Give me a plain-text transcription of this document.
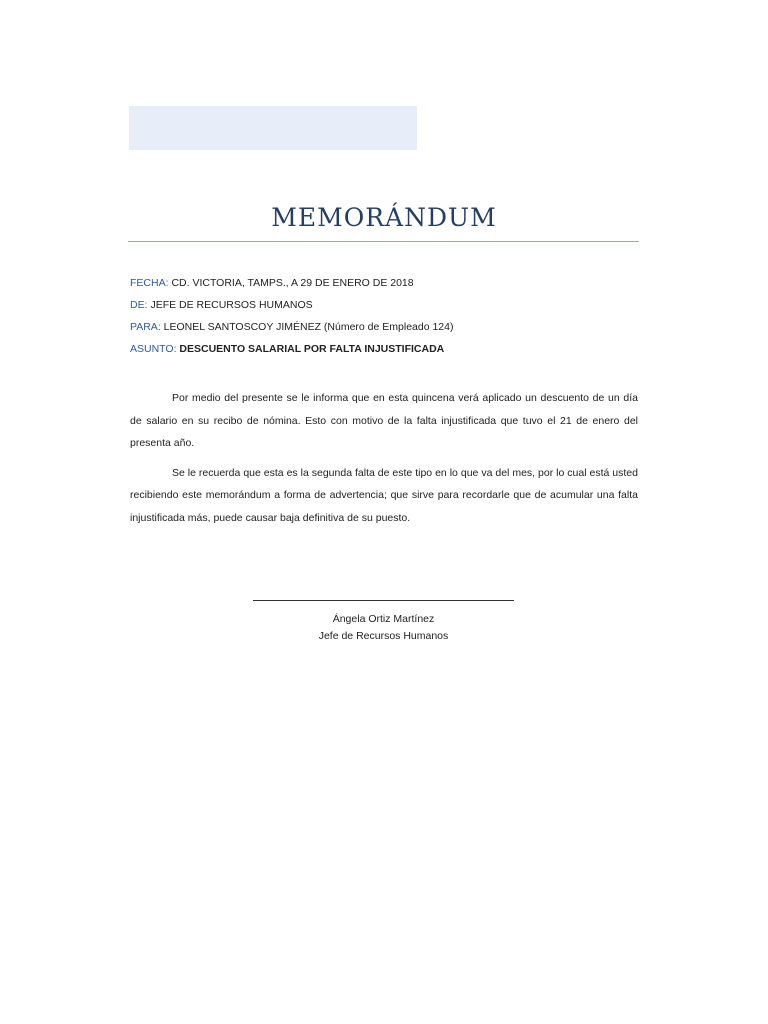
MEMORÁNDUM
FECHA: CD. VICTORIA, TAMPS., A 29 DE ENERO DE 2018
DE: JEFE DE RECURSOS HUMANOS
PARA: LEONEL SANTOSCOY JIMÉNEZ (Número de Empleado 124)
ASUNTO: DESCUENTO SALARIAL POR FALTA INJUSTIFICADA

Por medio del presente se le informa que en esta quincena verá aplicado un descuento de un día de salario en su recibo de nómina. Esto con motivo de la falta injustificada que tuvo el 21 de enero del presenta año.

Se le recuerda que esta es la segunda falta de este tipo en lo que va del mes, por lo cual está usted recibiendo este memorándum a forma de advertencia; que sirve para recordarle que de acumular una falta injustificada más, puede causar baja definitiva de su puesto.

Ángela Ortiz Martínez
Jefe de Recursos Humanos
